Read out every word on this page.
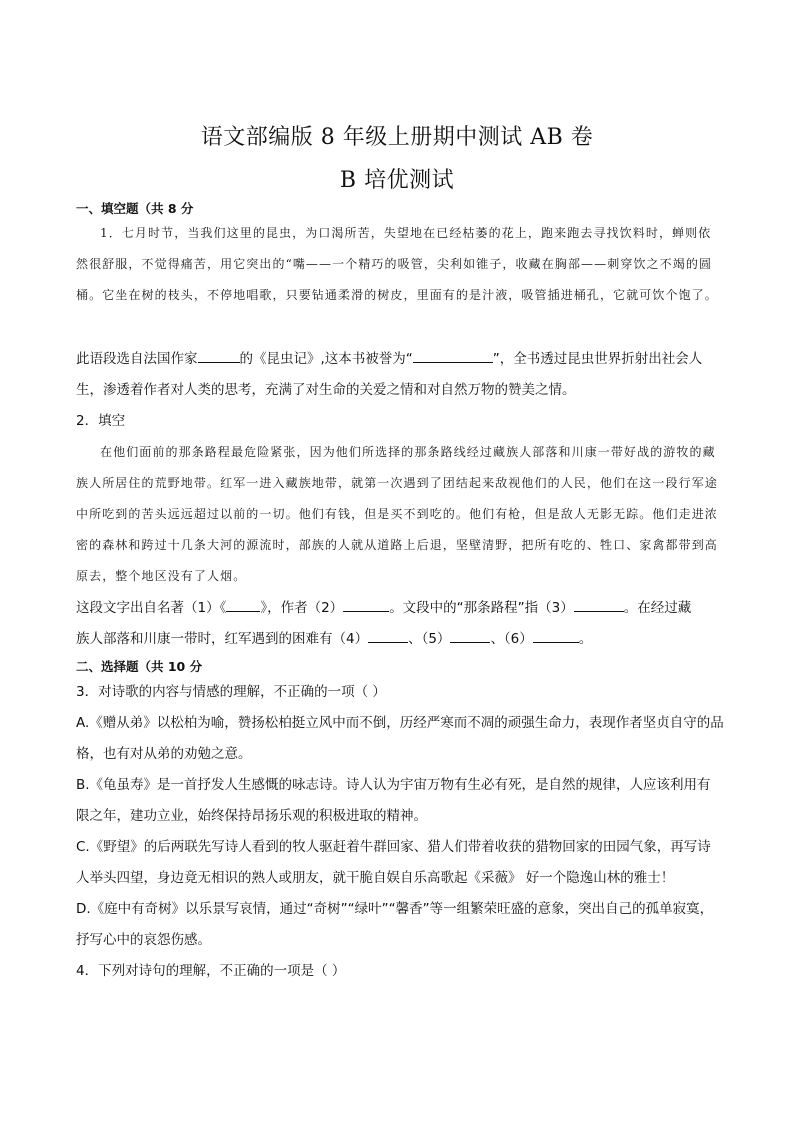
语文部编版 8 年级上册期中测试 AB 卷
B 培优测试
一、填空题（共 8 分
1．七月时节，当我们这里的昆虫，为口渴所苦，失望地在已经枯萎的花上，跑来跑去寻找饮料时，蝉则依然很舒服，不觉得痛苦，用它突出的“嘴——一个精巧的吸管，尖利如锥子，收藏在胸部——刺穿饮之不竭的圆桶。它坐在树的枝头，不停地唱歌，只要钻通柔滑的树皮，里面有的是汁液，吸管插进桶孔，它就可饮个饱了。
此语段选自法国作家	的《昆虫记》,这本书被誉为“	”，全书透过昆虫世界折射出社会人
生，渗透着作者对人类的思考，充满了对生命的关爱之情和对自然万物的赞美之情。
2．填空
在他们面前的那条路程最危险紧张，因为他们所选择的那条路线经过藏族人部落和川康一带好战的游牧的藏族人所居住的荒野地带。红军一进入藏族地带，就第一次遇到了团结起来敌视他们的人民，他们在这一段行军途中所吃到的苦头远远超过以前的一切。他们有钱，但是买不到吃的。他们有枪，但是敌人无影无踪。他们走进浓密的森林和跨过十几条大河的源流时，部族的人就从道路上后退，坚壁清野，把所有吃的、牲口、家禽都带到高原去，整个地区没有了人烟。
这段文字出自名著（1）《	》，作者（2）	。文段中的“那条路程”指（3）	。在经过藏
族人部落和川康一带时，红军遇到的困难有（4）	、（5）	、（6）	。
二、选择题（共 10 分
3．对诗歌的内容与情感的理解，不正确的一项（ ）
A.《赠从弟》以松柏为喻，赞扬松柏挺立风中而不倒，历经严寒而不凋的顽强生命力，表现作者坚贞自守的品格，也有对从弟的劝勉之意。
B.《龟虽寿》是一首抒发人生感慨的咏志诗。诗人认为宇宙万物有生必有死，是自然的规律，人应该利用有限之年，建功立业，始终保持昂扬乐观的积极进取的精神。
C.《野望》的后两联先写诗人看到的牧人驱赶着牛群回家、猎人们带着收获的猎物回家的田园气象，再写诗人举头四望，身边竟无相识的熟人或朋友，就干脆自娱自乐高歌起《采薇》 好一个隐逸山林的雅士！
D.《庭中有奇树》以乐景写哀情，通过“奇树”“绿叶”“馨香”等一组繁荣旺盛的意象，突出自己的孤单寂寞，抒写心中的哀怨伤感。
4．下列对诗句的理解，不正确的一项是（ ）
